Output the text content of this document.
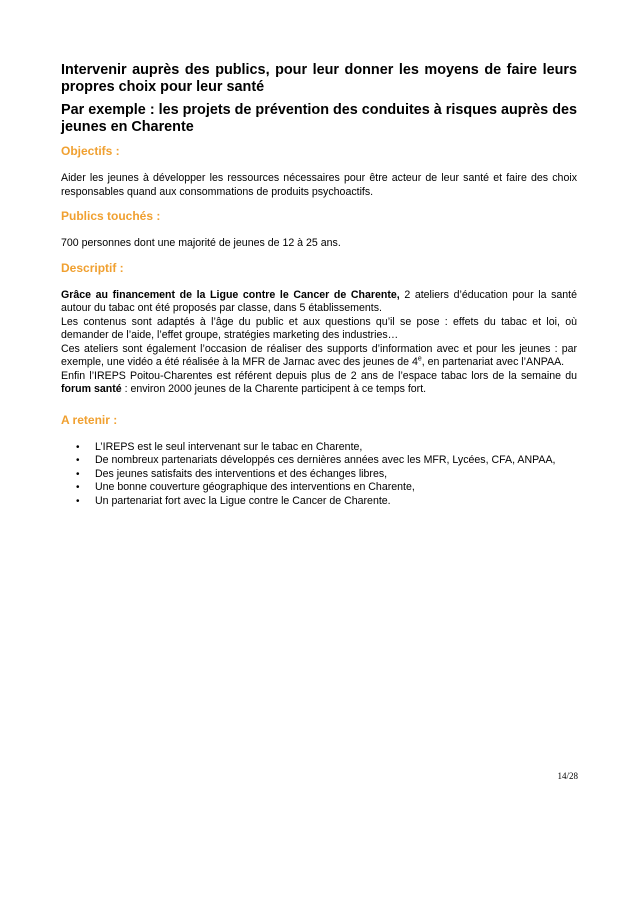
Intervenir auprès des publics, pour leur donner les moyens de faire leurs propres choix pour leur santé
Par exemple : les projets de prévention des conduites à risques auprès des jeunes en Charente
Objectifs :

Aider les jeunes à développer les ressources nécessaires pour être acteur de leur santé et faire des choix responsables quand aux consommations de produits psychoactifs.

Publics touchés :

700 personnes dont une majorité de jeunes de 12 à 25 ans.

Descriptif :

Grâce au financement de la Ligue contre le Cancer de Charente, 2 ateliers d’éducation pour la santé autour du tabac ont été proposés par classe, dans 5 établissements.

Les contenus sont adaptés à l’âge du public et aux questions qu’il se pose : effets du tabac et loi, où demander de l’aide, l’effet groupe, stratégies marketing des industries…

Ces ateliers sont également l’occasion de réaliser des supports d’information avec et pour les jeunes : par exemple, une vidéo a été réalisée à la MFR de Jarnac avec des jeunes de 4e, en partenariat avec l’ANPAA.

Enfin l’IREPS Poitou-Charentes est référent depuis plus de 2 ans de l’espace tabac lors de la semaine du forum santé : environ 2000 jeunes de la Charente participent à ce temps fort.

A retenir :
• L’IREPS est le seul intervenant sur le tabac en Charente,
• De nombreux partenariats développés ces dernières années avec les MFR, Lycées, CFA, ANPAA,
• Des jeunes satisfaits des interventions et des échanges libres,
• Une bonne couverture géographique des interventions en Charente,
• Un partenariat fort avec la Ligue contre le Cancer de Charente.
14/28
